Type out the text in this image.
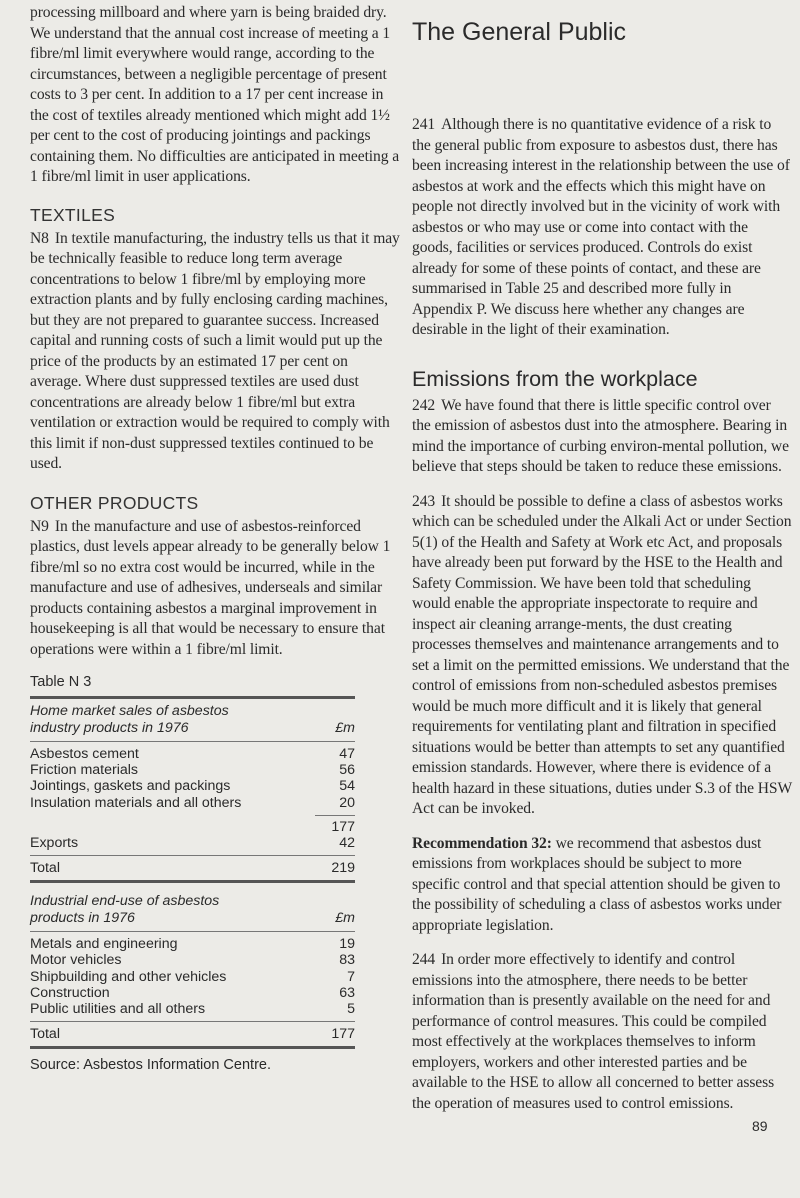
processing millboard and where yarn is being braided dry. We understand that the annual cost increase of meeting a 1 fibre/ml limit everywhere would range, according to the circumstances, between a negligible percentage of present costs to 3 per cent. In addition to a 17 per cent increase in the cost of textiles already mentioned which might add 1½ per cent to the cost of producing jointings and packings containing them. No difficulties are anticipated in meeting a 1 fibre/ml limit in user applications.

TEXTILES

N8 In textile manufacturing, the industry tells us that it may be technically feasible to reduce long term average concentrations to below 1 fibre/ml by employing more extraction plants and by fully enclosing carding machines, but they are not prepared to guarantee success. Increased capital and running costs of such a limit would put up the price of the products by an estimated 17 per cent on average. Where dust suppressed textiles are used dust concentrations are already below 1 fibre/ml but extra ventilation or extraction would be required to comply with this limit if non-dust suppressed textiles continued to be used.

OTHER PRODUCTS

N9 In the manufacture and use of asbestos-reinforced plastics, dust levels appear already to be generally below 1 fibre/ml so no extra cost would be incurred, while in the manufacture and use of adhesives, underseals and similar products containing asbestos a marginal improvement in housekeeping is all that would be necessary to ensure that operations were within a 1 fibre/ml limit.

Table N 3
Home market sales of asbestos
industry products in 1976	£m
Asbestos cement	47
Friction materials	56
Jointings, gaskets and packings	54
Insulation materials and all others	20
177
Exports	42
Total	219
Industrial end-use of asbestos
products in 1976	£m
Metals and engineering	19
Motor vehicles	83
Shipbuilding and other vehicles	7
Construction	63
Public utilities and all others	5
Total	177
Source: Asbestos Information Centre.
The General Public

241 Although there is no quantitative evidence of a risk to the general public from exposure to asbestos dust, there has been increasing interest in the relationship between the use of asbestos at work and the effects which this might have on people not directly involved but in the vicinity of work with asbestos or who may use or come into contact with the goods, facilities or services produced. Controls do exist already for some of these points of contact, and these are summarised in Table 25 and described more fully in Appendix P. We discuss here whether any changes are desirable in the light of their examination.

Emissions from the workplace

242 We have found that there is little specific control over the emission of asbestos dust into the atmosphere. Bearing in mind the importance of curbing environ-mental pollution, we believe that steps should be taken to reduce these emissions.

243 It should be possible to define a class of asbestos works which can be scheduled under the Alkali Act or under Section 5(1) of the Health and Safety at Work etc Act, and proposals have already been put forward by the HSE to the Health and Safety Commission. We have been told that scheduling would enable the appropriate inspectorate to require and inspect air cleaning arrange-ments, the dust creating processes themselves and maintenance arrangements and to set a limit on the permitted emissions. We understand that the control of emissions from non-scheduled asbestos premises would be much more difficult and it is likely that general requirements for ventilating plant and filtration in specified situations would be better than attempts to set any quantified emission standards. However, where there is evidence of a health hazard in these situations, duties under S.3 of the HSW Act can be invoked.

Recommendation 32: we recommend that asbestos dust emissions from workplaces should be subject to more specific control and that special attention should be given to the possibility of scheduling a class of asbestos works under appropriate legislation.

244 In order more effectively to identify and control emissions into the atmosphere, there needs to be better information than is presently available on the need for and performance of control measures. This could be compiled most effectively at the workplaces themselves to inform employers, workers and other interested parties and be available to the HSE to allow all concerned to better assess the operation of measures used to control emissions.

89
